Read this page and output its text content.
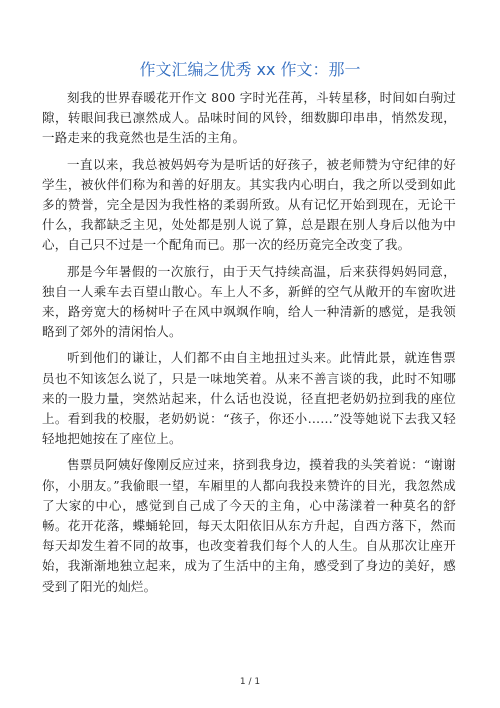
作文汇编之优秀 xx 作文：那一

刻我的世界春暖花开作文 800 字时光荏苒，斗转星移，时间如白驹过隙，转眼间我已凛然成人。品味时间的风铃，细数脚印串串，悄然发现，一路走来的我竟然也是生活的主角。

一直以来，我总被妈妈夸为是听话的好孩子，被老师赞为守纪律的好学生，被伙伴们称为和善的好朋友。其实我内心明白，我之所以受到如此多的赞誉，完全是因为我性格的柔弱所致。从有记忆开始到现在，无论干什么，我都缺乏主见，处处都是别人说了算，总是跟在别人身后以他为中心，自己只不过是一个配角而已。那一次的经历竟完全改变了我。

那是今年暑假的一次旅行，由于天气持续高温，后来获得妈妈同意，独自一人乘车去百望山散心。车上人不多，新鲜的空气从敞开的车窗吹进来，路旁宽大的杨树叶子在风中飒飒作响，给人一种清新的感觉，是我领略到了郊外的清闲怡人。

听到他们的谦让，人们都不由自主地扭过头来。此情此景，就连售票员也不知该怎么说了，只是一味地笑着。从来不善言谈的我，此时不知哪来的一股力量，突然站起来，什么话也没说，径直把老奶奶拉到我的座位上。看到我的校服，老奶奶说：“孩子，你还小……”没等她说下去我又轻轻地把她按在了座位上。

售票员阿姨好像刚反应过来，挤到我身边，摸着我的头笑着说：“谢谢你，小朋友。”我偷眼一望，车厢里的人都向我投来赞许的目光，我忽然成了大家的中心，感觉到自己成了今天的主角，心中荡漾着一种莫名的舒畅。花开花落，蝶蛹轮回，每天太阳依旧从东方升起，自西方落下，然而每天却发生着不同的故事，也改变着我们每个人的人生。自从那次让座开始，我渐渐地独立起来，成为了生活中的主角，感受到了身边的美好，感受到了阳光的灿烂。

1 / 1
